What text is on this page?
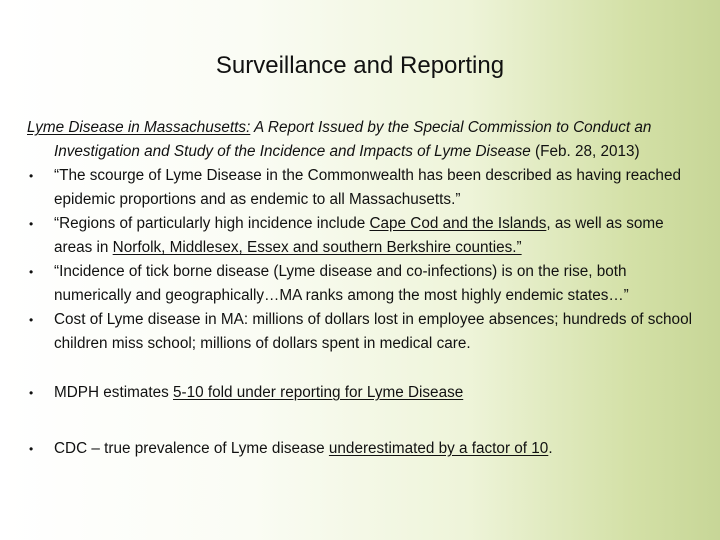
Surveillance and Reporting
Lyme Disease in Massachusetts: A Report Issued by the Special Commission to Conduct an Investigation and Study of the Incidence and Impacts of Lyme Disease (Feb. 28, 2013)
• “The scourge of Lyme Disease in the Commonwealth has been described as having reached epidemic proportions and as endemic to all Massachusetts.”
• “Regions of particularly high incidence include Cape Cod and the Islands, as well as some areas in Norfolk, Middlesex, Essex and southern Berkshire counties.”
• “Incidence of tick borne disease (Lyme disease and co-infections) is on the rise, both numerically and geographically…MA ranks among the most highly endemic states…”
• Cost of Lyme disease in MA: millions of dollars lost in employee absences; hundreds of school children miss school; millions of dollars spent in medical care.
• MDPH estimates 5-10 fold under reporting for Lyme Disease
• CDC – true prevalence of Lyme disease underestimated by a factor of 10.
